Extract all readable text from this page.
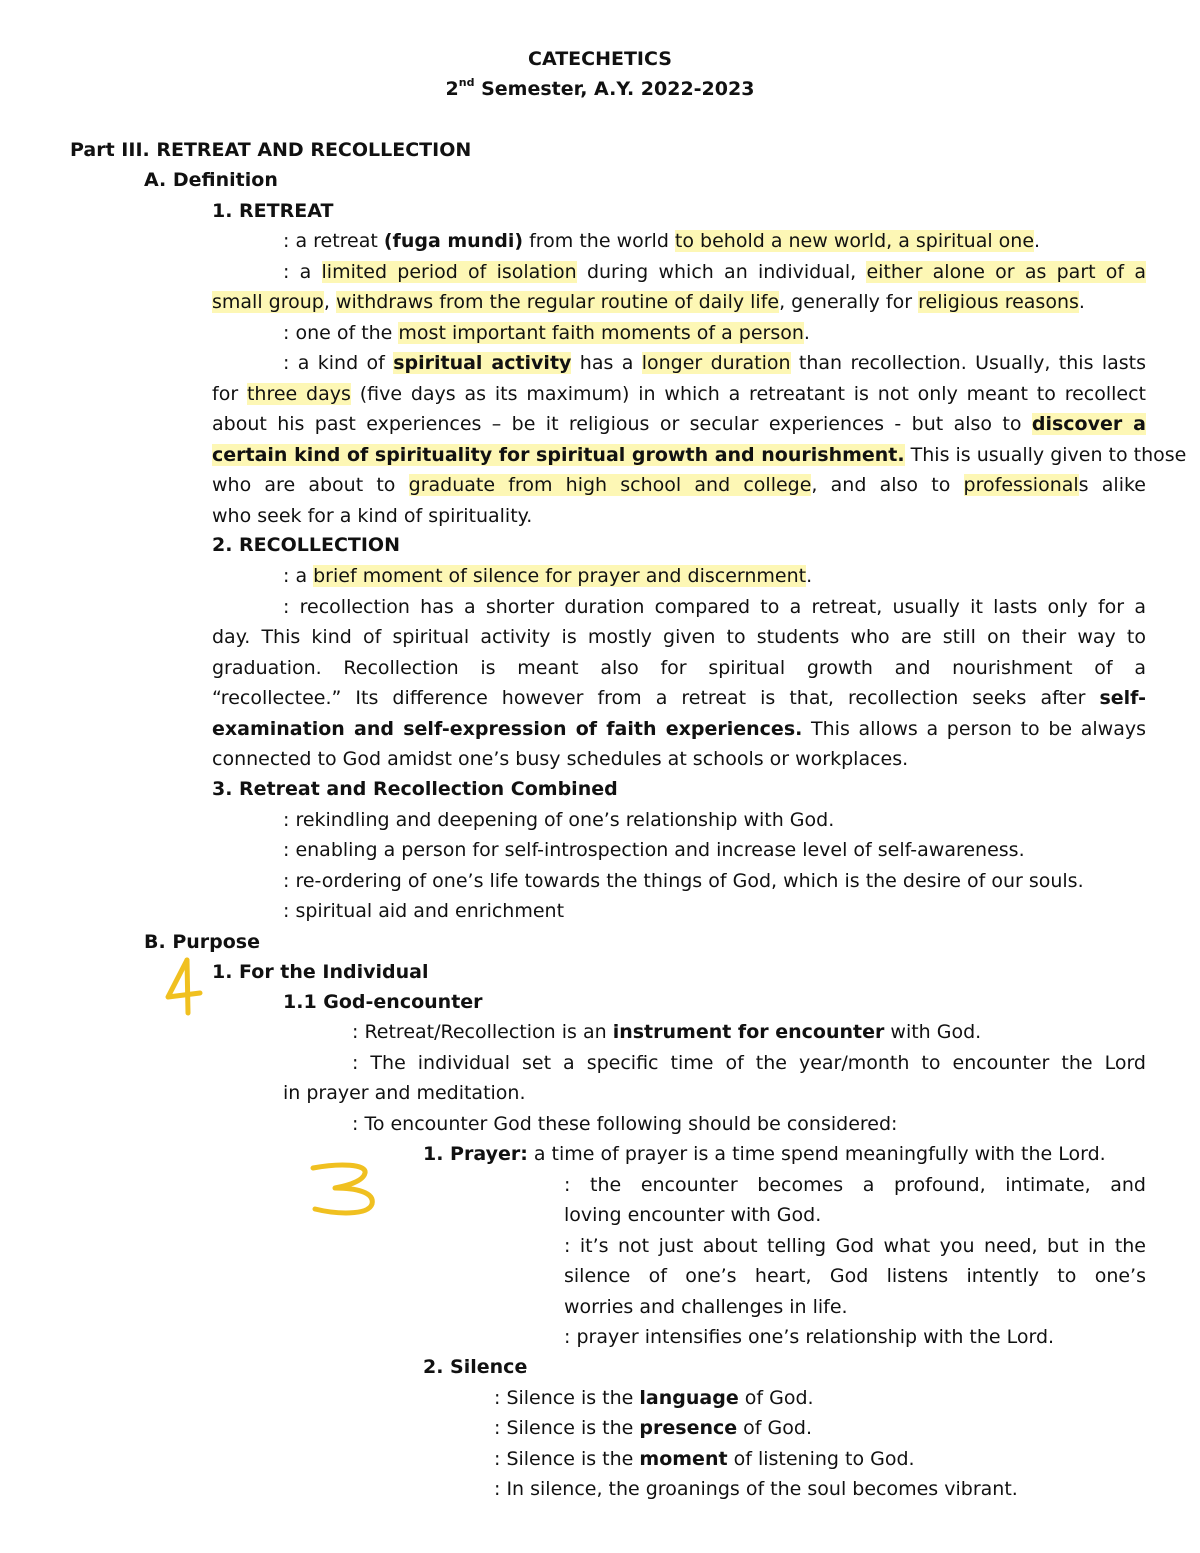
CATECHETICS
2nd Semester, A.Y. 2022-2023
Part III. RETREAT AND RECOLLECTION
A. Definition
1. RETREAT
: a retreat (fuga mundi) from the world to behold a new world, a spiritual one.
: a limited period of isolation during which an individual, either alone or as part of a
small group, withdraws from the regular routine of daily life, generally for religious reasons.
: one of the most important faith moments of a person.
: a kind of spiritual activity has a longer duration than recollection. Usually, this lasts
for three days (five days as its maximum) in which a retreatant is not only meant to recollect
about his past experiences – be it religious or secular experiences - but also to discover a
certain kind of spirituality for spiritual growth and nourishment. This is usually given to those
who are about to graduate from high school and college, and also to professionals alike
who seek for a kind of spirituality.
2. RECOLLECTION
: a brief moment of silence for prayer and discernment.
: recollection has a shorter duration compared to a retreat, usually it lasts only for a
day. This kind of spiritual activity is mostly given to students who are still on their way to
graduation. Recollection is meant also for spiritual growth and nourishment of a
“recollectee.” Its difference however from a retreat is that, recollection seeks after self-
examination and self-expression of faith experiences. This allows a person to be always
connected to God amidst one’s busy schedules at schools or workplaces.
3. Retreat and Recollection Combined
: rekindling and deepening of one’s relationship with God.
: enabling a person for self-introspection and increase level of self-awareness.
: re-ordering of one’s life towards the things of God, which is the desire of our souls.
: spiritual aid and enrichment
B. Purpose
1. For the Individual
1.1 God-encounter
: Retreat/Recollection is an instrument for encounter with God.
: The individual set a specific time of the year/month to encounter the Lord
in prayer and meditation.
: To encounter God these following should be considered:
1. Prayer: a time of prayer is a time spend meaningfully with the Lord.
: the encounter becomes a profound, intimate, and
loving encounter with God.
: it’s not just about telling God what you need, but in the
silence of one’s heart, God listens intently to one’s
worries and challenges in life.
: prayer intensifies one’s relationship with the Lord.
2. Silence
: Silence is the language of God.
: Silence is the presence of God.
: Silence is the moment of listening to God.
: In silence, the groanings of the soul becomes vibrant.
